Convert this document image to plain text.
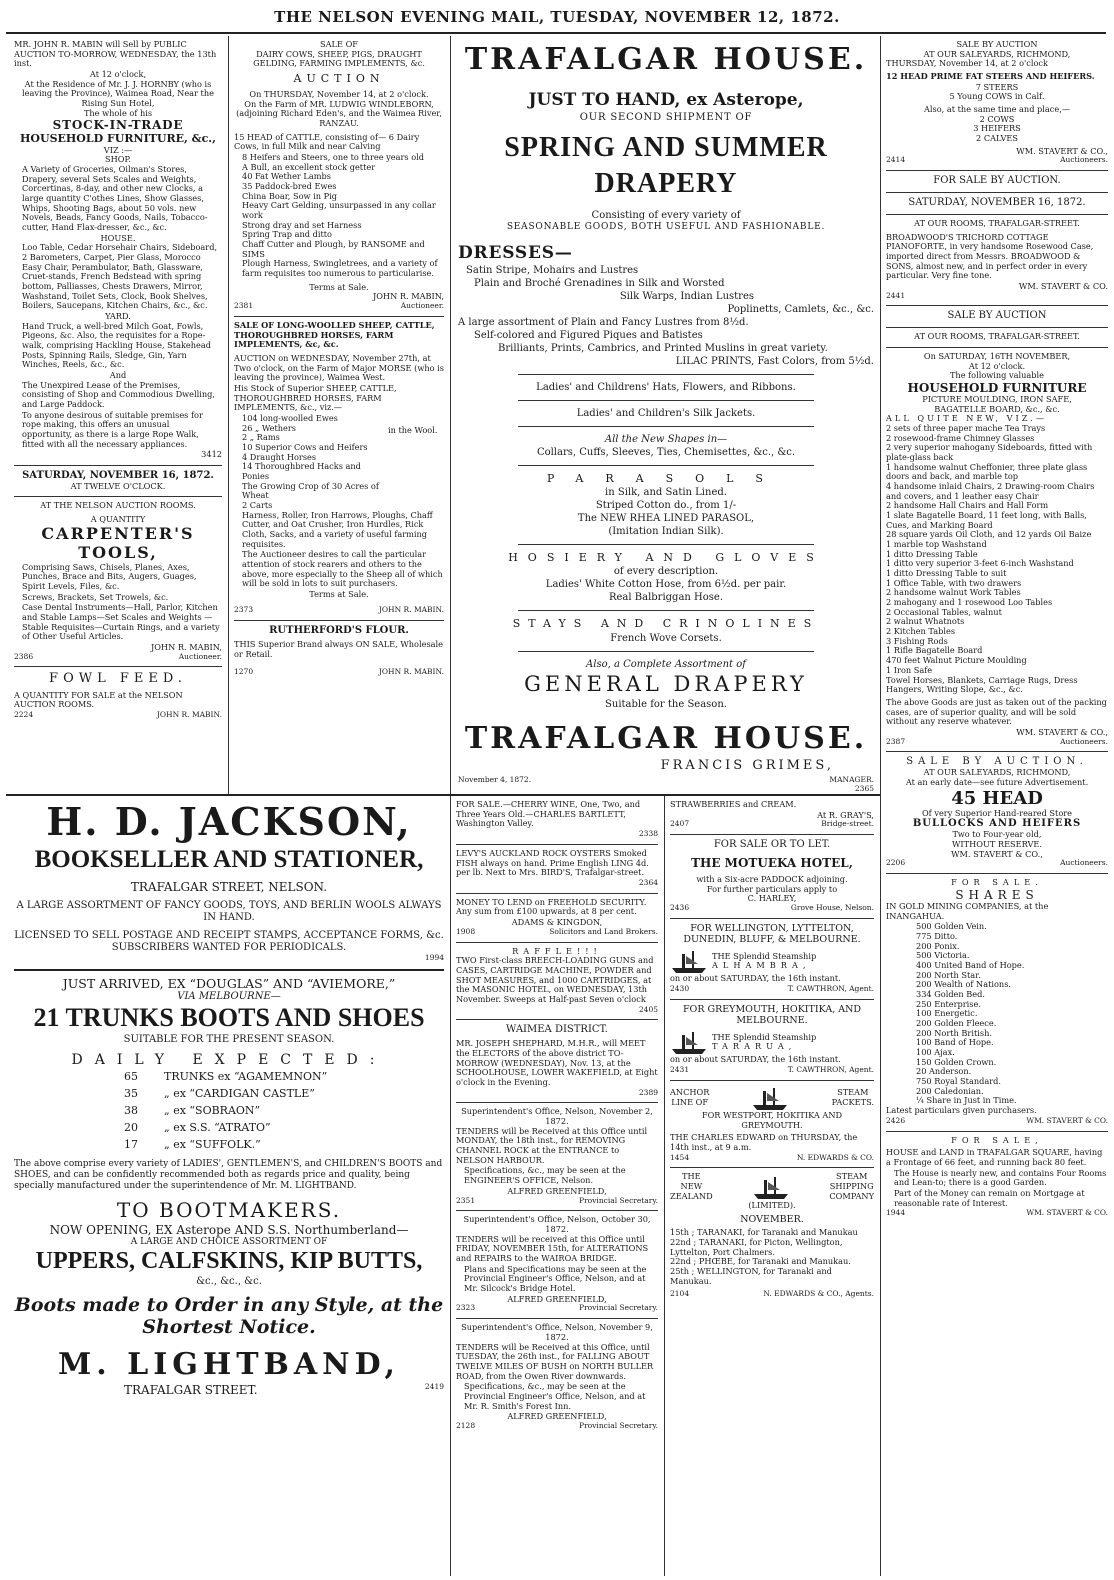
THE NELSON EVENING MAIL, TUESDAY, NOVEMBER 12, 1872.
MR. JOHN R. MABIN will Sell by PUBLIC AUCTION TO-MORROW, WEDNESDAY, the 13th inst.
At 12 o'clock,
At the Residence of Mr. J. J. HORNBY (who is leaving the Province), Waimea Road, Near the Rising Sun Hotel,
The whole of his
STOCK-IN-TRADE
HOUSEHOLD FURNITURE, &c.,
VIZ :—
SHOP.
A Variety of Groceries, Oilman's Stores, Drapery, several Sets Scales and Weights, Corcertinas, 8-day, and other new Clocks, a large quantity C'othes Lines, Show Glasses, Whips, Shooting Bags, about 50 vols. new Novels, Beads, Fancy Goods, Nails, Tobacco-cutter, Hand Flax-dresser, &c., &c.
HOUSE.
Loo Table, Cedar Horsehair Chairs, Sideboard, 2 Barometers, Carpet, Pier Glass, Morocco Easy Chair, Perambulator, Bath, Glassware, Cruet-stands, French Bedstead with spring bottom, Palliasses, Chests Drawers, Mirror, Washstand, Toilet Sets, Clock, Book Shelves, Boilers, Saucepans, Kitchen Chairs, &c., &c.
YARD.
Hand Truck, a well-bred Milch Goat, Fowls, Pigeons, &c. Also, the requisites for a Rope-walk, comprising Hackling House, Stakehead Posts, Spinning Rails, Sledge, Gin, Yarn Winches, Reels, &c., &c.
And
The Unexpired Lease of the Premises, consisting of Shop and Commodious Dwelling, and Large Paddock.
To anyone desirous of suitable premises for rope making, this offers an unusual opportunity, as there is a large Rope Walk, fitted with all the necessary appliances.
3412
SATURDAY, NOVEMBER 16, 1872.
AT TWELVE O'CLOCK.
AT THE NELSON AUCTION ROOMS.
A QUANTITY
CARPENTER'S TOOLS,
Comprising Saws, Chisels, Planes, Axes, Punches, Brace and Bits, Augers, Guages, Spirit Levels, Files, &c.
Screws, Brackets, Set Trowels, &c.
Case Dental Instruments—Hall, Parlor, Kitchen and Stable Lamps—Set Scales and Weights —Stable Requisites—Curtain Rings, and a variety of Other Useful Articles.
JOHN R. MABIN,
2386	Auctioneer.
FOWL FEED.
A QUANTITY FOR SALE at the NELSON AUCTION ROOMS.
2224	JOHN R. MABIN.
SALE OF
DAIRY COWS, SHEEP, PIGS, DRAUGHT GELDING, FARMING IMPLEMENTS, &c.
AUCTION
On THURSDAY, November 14, at 2 o'clock.
On the Farm of MR. LUDWIG WINDLEBORN, (adjoining Richard Eden's, and the Waimea River, RANZAU.
15 HEAD of CATTLE, consisting of— 6 Dairy Cows, in full Milk and near Calving
8 Heifers and Steers, one to three years old
A Bull, an excellent stock getter
40 Fat Wether Lambs
35 Paddock-bred Ewes
China Boar, Sow in Pig
Heavy Cart Gelding, unsurpassed in any collar work
Strong dray and set Harness
Spring Trap and ditto
Chaff Cutter and Plough, by RANSOME and SIMS
Plough Harness, Swingletrees, and a variety of farm requisites too numerous to particularise.
Terms at Sale.
JOHN R. MABIN,
2381	Auctioneer.
SALE OF LONG-WOOLLED SHEEP, CATTLE, THOROUGHBRED HORSES, FARM IMPLEMENTS, &c, &c.
AUCTION on WEDNESDAY, November 27th, at Two o'clock, on the Farm of Major MORSE (who is leaving the province), Waimea West.
His Stock of Superior SHEEP, CATTLE, THOROUGHBRED HORSES, FARM IMPLEMENTS, &c., viz.—
104 long-woolled Ewes
26 „ Wethers
2 „ Rams
10 Superior Cows and Heifers
4 Draught Horses
14 Thoroughbred Hacks and Ponies
The Growing Crop of 30 Acres of Wheat
2 Carts
in the Wool.
Harness, Roller, Iron Harrows, Ploughs, Chaff Cutter, and Oat Crusher, Iron Hurdles, Rick Cloth, Sacks, and a variety of useful farming requisites.
The Auctioneer desires to call the particular attention of stock rearers and others to the above, more especially to the Sheep all of which will be sold in lots to suit purchasers.
Terms at Sale.
2373	JOHN R. MABIN.
RUTHERFORD'S FLOUR.
THIS Superior Brand always ON SALE, Wholesale or Retail.
1270	JOHN R. MABIN.
TRAFALGAR HOUSE.
JUST TO HAND, ex Asterope,
OUR SECOND SHIPMENT OF
SPRING AND SUMMER DRAPERY
Consisting of every variety of
SEASONABLE GOODS, BOTH USEFUL AND FASHIONABLE.
DRESSES—
Satin Stripe, Mohairs and Lustres
Plain and Broché Grenadines in Silk and Worsted
Silk Warps, Indian Lustres
Poplinetts, Camlets, &c., &c.
A large assortment of Plain and Fancy Lustres from 8½d.
Self-colored and Figured Piques and Batistes
Brilliants, Prints, Cambrics, and Printed Muslins in great variety.
LILAC PRINTS, Fast Colors, from 5½d.
Ladies' and Childrens' Hats, Flowers, and Ribbons.
Ladies' and Children's Silk Jackets.
All the New Shapes in—
Collars, Cuffs, Sleeves, Ties, Chemisettes, &c., &c.
PARASOLS
in Silk, and Satin Lined.
Striped Cotton do., from 1/-
The NEW RHEA LINED PARASOL,
(Imitation Indian Silk).
HOSIERY AND GLOVES
of every description.
Ladies' White Cotton Hose, from 6½d. per pair.
Real Balbriggan Hose.
STAYS AND CRINOLINES
French Wove Corsets.
Also, a Complete Assortment of
GENERAL DRAPERY
Suitable for the Season.
TRAFALGAR HOUSE.
FRANCIS GRIMES,
November 4, 1872.	MANAGER.
2365
SALE BY AUCTION
AT OUR SALEYARDS, RICHMOND,
THURSDAY, November 14, at 2 o'clock
12 HEAD PRIME FAT STEERS AND HEIFERS.
7 STEERS
5 Young COWS in Calf.
Also, at the same time and place,—
2 COWS
3 HEIFERS
2 CALVES
WM. STAVERT & CO.,
2414	Auctioneers.
FOR SALE BY AUCTION.
SATURDAY, NOVEMBER 16, 1872.
AT OUR ROOMS, TRAFALGAR-STREET.
BROADWOOD'S TRICHORD COTTAGE PIANOFORTE, in very handsome Rosewood Case, imported direct from Messrs. BROADWOOD & SONS, almost new, and in perfect order in every particular. Very fine tone.
WM. STAVERT & CO.
2441
SALE BY AUCTION
AT OUR ROOMS, TRAFALGAR-STREET.
On SATURDAY, 16TH NOVEMBER,
At 12 o'clock.
The following valuable
HOUSEHOLD FURNITURE
PICTURE MOULDING, IRON SAFE,
BAGATELLE BOARD, &c., &c.
ALL QUITE NEW, VIZ.—
2 sets of three paper mache Tea Trays
2 rosewood-frame Chimney Glasses
2 very superior mahogany Sideboards, fitted with plate-glass back
1 handsome walnut Cheffonier, three plate glass doors and back, and marble top
4 handsome inlaid Chairs, 2 Drawing-room Chairs and covers, and 1 leather easy Chair
2 handsome Hall Chairs and Hall Form
1 slate Bagatelle Board, 11 feet long, with Balls, Cues, and Marking Board
28 square yards Oil Cloth, and 12 yards Oil Baize
1 marble top Washstand
1 ditto Dressing Table
1 ditto very superior 3-feet 6-inch Washstand
1 ditto Dressing Table to suit
1 Office Table, with two drawers
2 handsome walnut Work Tables
2 mahogany and 1 rosewood Loo Tables
2 Occasional Tables, walnut
2 walnut Whatnots
2 Kitchen Tables
3 Fishing Rods
1 Rifle Bagatelle Board
470 feet Walnut Picture Moulding
1 Iron Safe
Towel Horses, Blankets, Carriage Rugs, Dress Hangers, Writing Slope, &c., &c.
The above Goods are just as taken out of the packing cases, are of superior quality, and will be sold without any reserve whatever.
WM. STAVERT & CO.,
2387	Auctioneers.
SALE BY AUCTION.
AT OUR SALEYARDS, RICHMOND,
At an early date—see future Advertisement.
45 HEAD
Of very Superior Hand-reared Store
BULLOCKS AND HEIFERS
Two to Four-year old,
WITHOUT RESERVE.
WM. STAVERT & CO.,
2206	Auctioneers.
FOR SALE.
SHARES
IN GOLD MINING COMPANIES, at the INANGAHUA.
500 Golden Vein.
775 Ditto.
200 Ponix.
500 Victoria.
400 United Band of Hope.
200 North Star.
200 Wealth of Nations.
334 Golden Bed.
250 Enterprise.
100 Energetic.
200 Golden Fleece.
200 North British.
100 Band of Hope.
100 Ajax.
150 Golden Crown.
20 Anderson.
750 Royal Standard.
200 Caledonian.
¼ Share in Just in Time.
Latest particulars given purchasers.
2426	WM. STAVERT & CO.
FOR SALE,
HOUSE and LAND in TRAFALGAR SQUARE, having a Frontage of 66 feet, and running back 80 feet.
The House is nearly new, and contains Four Rooms and Lean-to; there is a good Garden.
Part of the Money can remain on Mortgage at reasonable rate of Interest.
1944	WM. STAVERT & CO.
H. D. JACKSON,
BOOKSELLER AND STATIONER,
TRAFALGAR STREET, NELSON.
A LARGE ASSORTMENT OF FANCY GOODS, TOYS, AND BERLIN WOOLS ALWAYS IN HAND.
LICENSED TO SELL POSTAGE AND RECEIPT STAMPS, ACCEPTANCE FORMS, &c. SUBSCRIBERS WANTED FOR PERIODICALS.
1994
JUST ARRIVED, EX “DOUGLAS” AND “AVIEMORE,”
VIA MELBOURNE—
21 TRUNKS BOOTS AND SHOES
SUITABLE FOR THE PRESENT SEASON.
DAILY EXPECTED:
65 TRUNKS ex “AGAMEMNON”
35 „ ex “CARDIGAN CASTLE”
38 „ ex “SOBRAON”
20 „ ex S.S. “ATRATO”
17 „ ex “SUFFOLK.”
The above comprise every variety of LADIES', GENTLEMEN'S, and CHILDREN'S BOOTS and SHOES, and can be confidently recommended both as regards price and quality, being specially manufactured under the superintendence of Mr. M. LIGHTBAND.
TO BOOTMAKERS.
NOW OPENING, EX Asterope AND S.S. Northumberland—
A LARGE AND CHOICE ASSORTMENT OF
UPPERS, CALFSKINS, KIP BUTTS,
&c., &c., &c.
Boots made to Order in any Style, at the Shortest Notice.
M. LIGHTBAND,
TRAFALGAR STREET.	2419
FOR SALE.—CHERRY WINE, One, Two, and Three Years Old.—CHARLES BARTLETT, Washington Valley.
2338
LEVY'S AUCKLAND ROCK OYSTERS Smoked FISH always on hand. Prime English LING 4d. per lb. Next to Mrs. BIRD'S, Trafalgar-street.
2364
MONEY TO LEND on FREEHOLD SECURITY. Any sum from £100 upwards, at 8 per cent.
ADAMS & KINGDON,
1908	Solicitors and Land Brokers.
RAFFLE!!!
TWO First-class BREECH-LOADING GUNS and CASES, CARTRIDGE MACHINE, POWDER and SHOT MEASURES, and 1000 CARTRIDGES, at the MASONIC HOTEL, on WEDNESDAY, 13th November. Sweeps at Half-past Seven o'clock
2405
WAIMEA DISTRICT.
MR. JOSEPH SHEPHARD, M.H.R., will MEET the ELECTORS of the above district TO-MORROW (WEDNESDAY), Nov. 13, at the SCHOOLHOUSE, LOWER WAKEFIELD, at Eight o'clock in the Evening.
2389
Superintendent's Office, Nelson, November 2, 1872.
TENDERS will be Received at this Office until MONDAY, the 18th inst., for REMOVING CHANNEL ROCK at the ENTRANCE to NELSON HARBOUR.
Specifications, &c., may be seen at the ENGINEER'S OFFICE, Nelson.
ALFRED GREENFIELD,
2351	Provincial Secretary.
Superintendent's Office, Nelson, October 30, 1872.
TENDERS will be received at this Office until FRIDAY, NOVEMBER 15th, for ALTERATIONS and REPAIRS to the WAIROA BRIDGE.
Plans and Specifications may be seen at the Provincial Engineer's Office, Nelson, and at Mr. Silcock's Bridge Hotel.
ALFRED GREENFIELD,
2323	Provincial Secretary.
Superintendent's Office, Nelson, November 9, 1872.
TENDERS will be Received at this Office, until TUESDAY, the 26th inst., for FALLING ABOUT TWELVE MILES OF BUSH on NORTH BULLER ROAD, from the Owen River downwards.
Specifications, &c., may be seen at the Provincial Engineer's Office, Nelson, and at Mr. R. Smith's Forest Inn.
ALFRED GREENFIELD,
2128	Provincial Secretary.
STRAWBERRIES and CREAM.
At R. GRAY'S,
2407	Bridge-street.
FOR SALE OR TO LET.
THE MOTUEKA HOTEL,
with a Six-acre PADDOCK adjoining.
For further particulars apply to
C. HARLEY,
2436	Grove House, Nelson.
FOR WELLINGTON, LYTTELTON, DUNEDIN, BLUFF, & MELBOURNE.
THE Splendid Steamship
ALHAMBRA,
on or about SATURDAY, the 16th instant.
2430	T. CAWTHRON, Agent.
FOR GREYMOUTH, HOKITIKA, AND MELBOURNE.
THE Splendid Steamship
TARARUA,
on or about SATURDAY, the 16th instant.
2431	T. CAWTHRON, Agent.
ANCHOR
LINE OF
STEAM
PACKETS.
FOR WESTPORT, HOKITIKA AND GREYMOUTH.
THE CHARLES EDWARD on THURSDAY, the 14th inst., at 9 a.m.
1454	N. EDWARDS & CO.
THE
NEW
ZEALAND
STEAM
SHIPPING
COMPANY
(LIMITED).
NOVEMBER.
15th ; TARANAKI, for Taranaki and Manukau
22nd ; TARANAKI, for Picton, Wellington, Lyttelton, Port Chalmers.
22nd ; PHŒBE, for Taranaki and Manukau.
25th ; WELLINGTON, for Taranaki and Manukau.
2104	N. EDWARDS & CO., Agents.
